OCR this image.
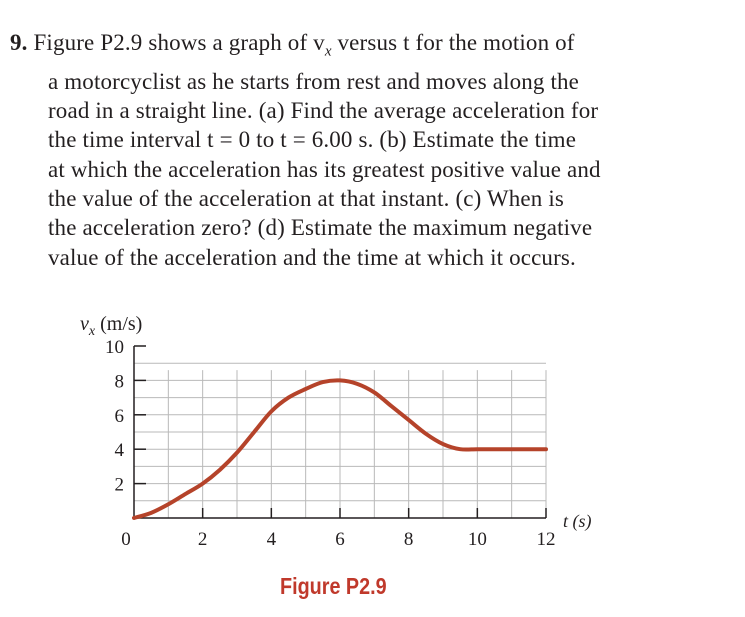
9. Figure P2.9 shows a graph of $v_x$ versus t for the motion of
a motorcyclist as he starts from rest and moves along the
road in a straight line. (a) Find the average acceleration for
the time interval t = 0 to t = 6.00 s. (b) Estimate the time
at which the acceleration has its greatest positive value and
the value of the acceleration at that instant. (c) When is
the acceleration zero? (d) Estimate the maximum negative
value of the acceleration and the time at which it occurs.
$v_x$ (m/s)
2
4
6
8
10
0	2	4	6	8	10	12
t (s)
Figure P2.9
